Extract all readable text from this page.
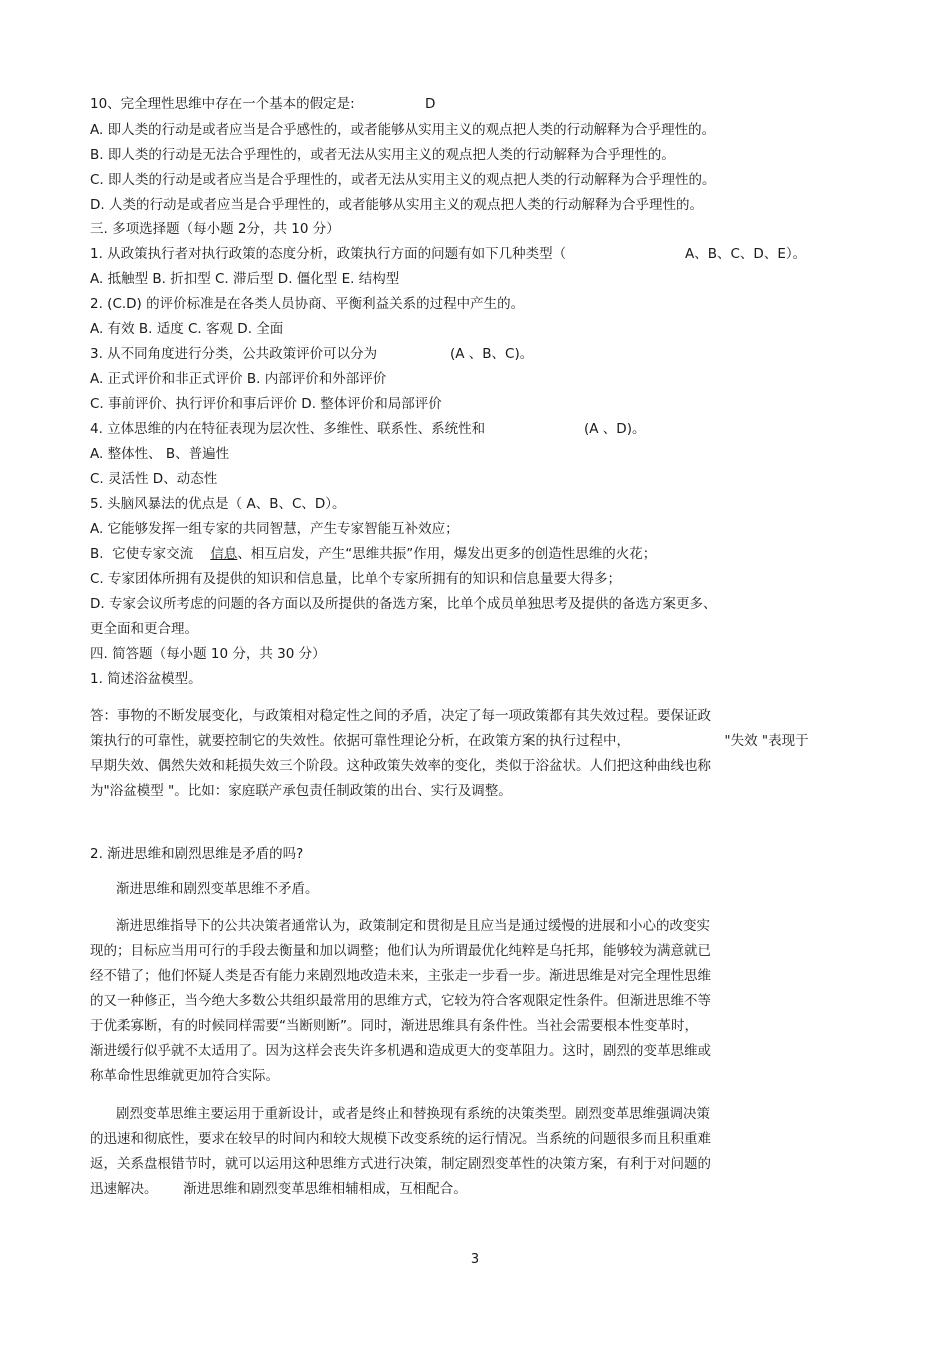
10、完全理性思维中存在一个基本的假定是:	D
A. 即人类的行动是或者应当是合乎感性的，或者能够从实用主义的观点把人类的行动解释为合乎理性的。
B. 即人类的行动是无法合乎理性的，或者无法从实用主义的观点把人类的行动解释为合乎理性的。
C. 即人类的行动是或者应当是合乎理性的，或者无法从实用主义的观点把人类的行动解释为合乎理性的。
D. 人类的行动是或者应当是合乎理性的，或者能够从实用主义的观点把人类的行动解释为合乎理性的。
三. 多项选择题（每小题 2分，共 10 分）
1. 从政策执行者对执行政策的态度分析，政策执行方面的问题有如下几种类型（	A、B、C、D、E）。
A. 抵触型 B. 折扣型 C. 滞后型 D. 僵化型 E. 结构型
2. (C.D) 的评价标准是在各类人员协商、平衡利益关系的过程中产生的。
A. 有效 B. 适度 C. 客观 D. 全面
3. 从不同角度进行分类，公共政策评价可以分为	(A 、B、C)。
A. 正式评价和非正式评价 B. 内部评价和外部评价
C. 事前评价、执行评价和事后评价 D. 整体评价和局部评价
4. 立体思维的内在特征表现为层次性、多维性、联系性、系统性和	(A 、D)。
A. 整体性、 B、普遍性
C. 灵活性 D、动态性
5. 头脑风暴法的优点是（ A、B、C、D）。
A. 它能够发挥一组专家的共同智慧，产生专家智能互补效应；
B.  它使专家交流    信息、相互启发，产生“思维共振”作用，爆发出更多的创造性思维的火花；
C. 专家团体所拥有及提供的知识和信息量，比单个专家所拥有的知识和信息量要大得多；
D. 专家会议所考虑的问题的各方面以及所提供的备选方案，比单个成员单独思考及提供的备选方案更多、
更全面和更合理。
四. 简答题（每小题 10 分，共 30 分）
1. 简述浴盆模型。
答：事物的不断发展变化，与政策相对稳定性之间的矛盾，决定了每一项政策都有其失效过程。要保证政
策执行的可靠性，就要控制它的失效性。依据可靠性理论分析，在政策方案的执行过程中，                      "失效 "表现于
早期失效、偶然失效和耗损失效三个阶段。这种政策失效率的变化，类似于浴盆状。人们把这种曲线也称
为"浴盆模型 "。比如：家庭联产承包责任制政策的出台、实行及调整。
2. 渐进思维和剧烈思维是矛盾的吗?
渐进思维和剧烈变革思维不矛盾。
渐进思维指导下的公共决策者通常认为，政策制定和贯彻是且应当是通过缓慢的进展和小心的改变实
现的；目标应当用可行的手段去衡量和加以调整；他们认为所谓最优化纯粹是乌托邦，能够较为满意就已
经不错了；他们怀疑人类是否有能力来剧烈地改造未来，主张走一步看一步。渐进思维是对完全理性思维
的又一种修正，当今绝大多数公共组织最常用的思维方式，它较为符合客观限定性条件。但渐进思维不等
于优柔寡断，有的时候同样需要“当断则断”。同时，渐进思维具有条件性。当社会需要根本性变革时，
渐进缓行似乎就不太适用了。因为这样会丧失许多机遇和造成更大的变革阻力。这时，剧烈的变革思维或
称革命性思维就更加符合实际。
剧烈变革思维主要运用于重新设计，或者是终止和替换现有系统的决策类型。剧烈变革思维强调决策
的迅速和彻底性，要求在较早的时间内和较大规模下改变系统的运行情况。当系统的问题很多而且积重难
返，关系盘根错节时，就可以运用这种思维方式进行决策，制定剧烈变革性的决策方案，有利于对问题的
迅速解决。      渐进思维和剧烈变革思维相辅相成，互相配合。
3
